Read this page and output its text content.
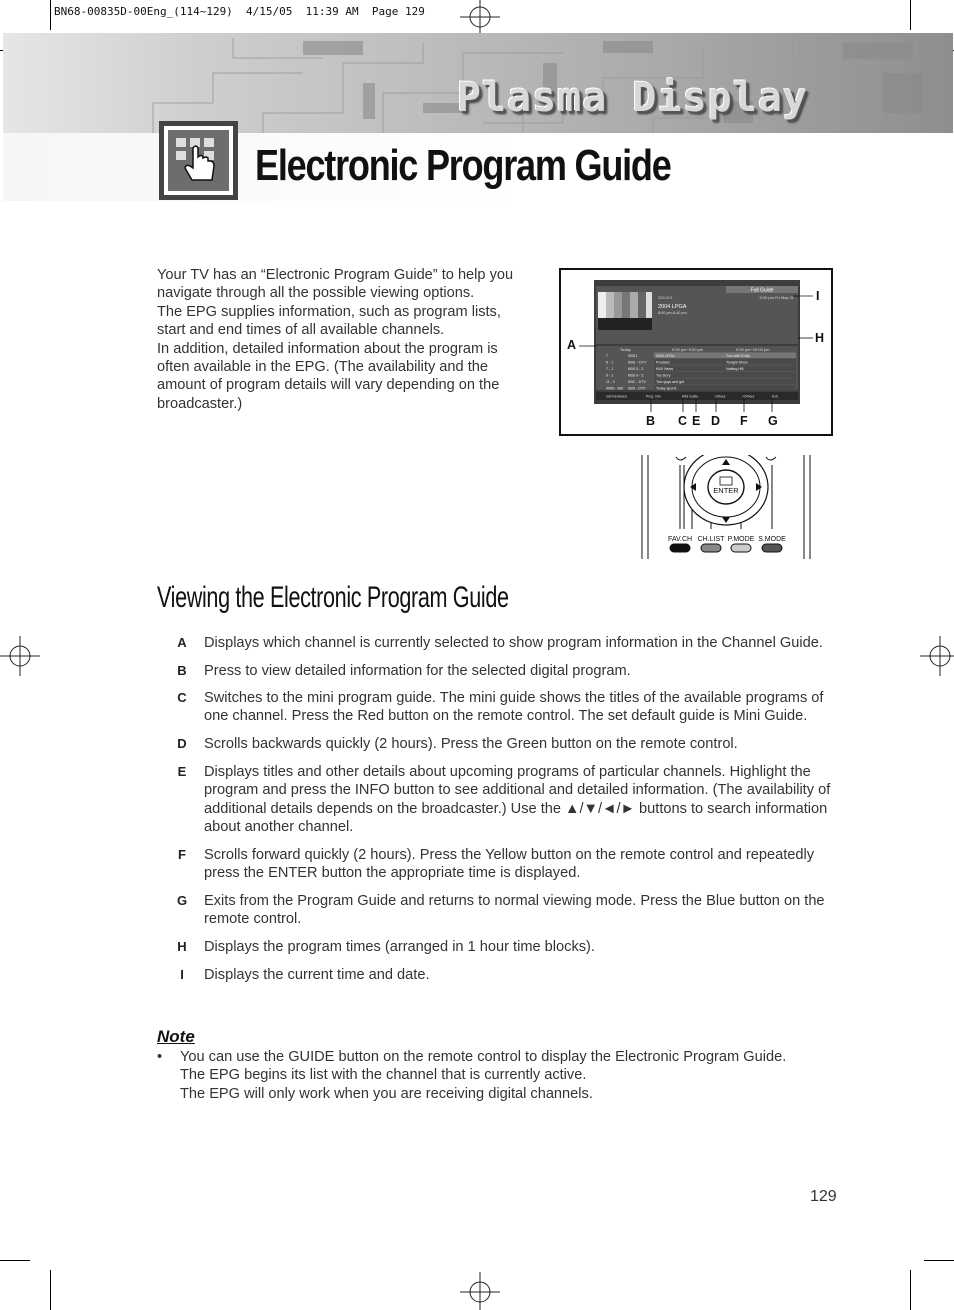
BN68-00835D-00Eng_(114~129)  4/15/05  11:39 AM  Page 129
Plasma Display
Electronic Program Guide

Your TV has an “Electronic Program Guide” to help you navigate through all the possible viewing options.

The EPG supplies information, such as program lists, start and end times of all available channels.

In addition, detailed information about the program is often available in the EPG. (The availability and the amount of program details will vary depending on the broadcaster.)

Full Guide
9:00 pm Fri May 31
333-001
2004 LPGA
8:00 pm-8:40 pm
Today	9:00 pm~9:00 pm	9:00 pm~10:00 pm
7	KBS1	2004 LPGA	Tom with Emily
6 - 1	KBS – DTV	Predator	Tonight Show
7 - 1	KBS 0 - 2	KBS News	Notting Hill
9 - 1	KBS 0 - 2	Toy story
11 - 1	KBC - DTV	Two guys and girl
9999 - 999 SBS - DTV	Today sports
Get Renewed	Prog. Info	Mini Guide	-24hour	+24hour	Exit
A
B C E D F G
H
I
ENTER
FAV.CH CH.LIST P.MODE S.MODE
Viewing the Electronic Program Guide
A Displays which channel is currently selected to show program information in the Channel Guide.
B Press to view detailed information for the selected digital program.
C Switches to the mini program guide. The mini guide shows the titles of the available programs of one channel. Press the Red button on the remote control. The set default guide is Mini Guide.
D Scrolls backwards quickly (2 hours). Press the Green button on the remote control.
E Displays titles and other details about upcoming programs of particular channels. Highlight the program and press the INFO button to see additional and detailed information. (The availability of additional details depends on the broadcaster.) Use the ▲/▼/◄/► buttons to search information about another channel.
F Scrolls forward quickly (2 hours). Press the Yellow button on the remote control and repeatedly press the ENTER button the appropriate time is displayed.
G Exits from the Program Guide and returns to normal viewing mode. Press the Blue button on the remote control.
H Displays the program times (arranged in 1 hour time blocks).
I	Displays the current time and date.
Note
•	You can use the GUIDE button on the remote control to display the Electronic Program Guide.
The EPG begins its list with the channel that is currently active.
The EPG will only work when you are receiving digital channels.
129
